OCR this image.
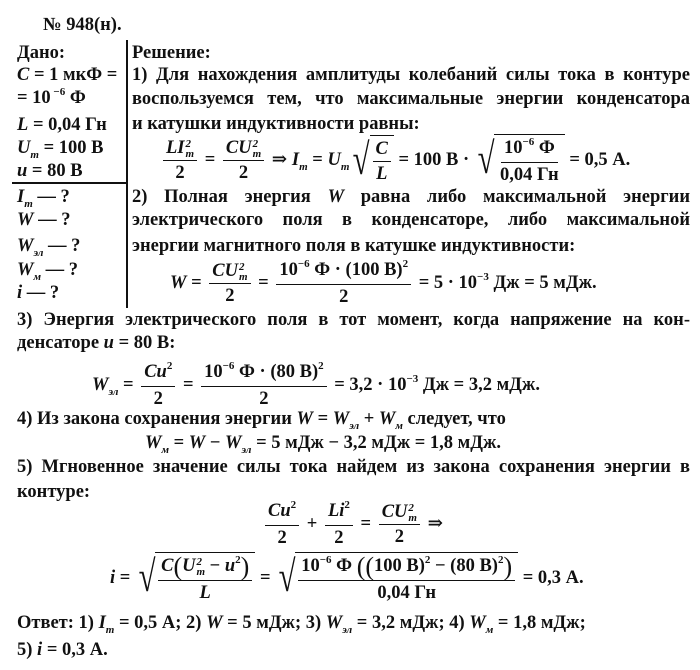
№ 948(н).
Дано:
C = 1 мкФ =
= 10 $^{-6}$ Ф
L = 0,04 Гн
$U_m = 100$ В
u = 80 В
$I_m$ — ?
W — ?
$W_{эл}$ — ?
$W_м$ — ?
i — ?
Решение:
1) Для нахождения амплитуды колебаний силы тока в контуре
воспользуемся тем, что максимальные энергии конденсатора
и катушки индуктивности равны:
LI 2
m
2 = CU 2
m
2 ⇒ $I_m = U_m$ √ $\frac{C}{L} = 100$ В · √ $\frac{10^{-6} Ф}{0,04 Гн} = 0,5$ А.
2) Полная энергия W равна либо максимальной энергии
электрического поля в конденсаторе, либо максимальной
энергии магнитного поля в катушке индуктивности:
W = CU 2
m
$2 = \frac{10^{-6} Ф \cdot (100 В)^2}{2} = 5 \cdot 10^{-3}$ Дж = 5 мДж.
3) Энергия электрического поля в тот момент, когда напряжение на кон-
денсаторе u = 80 В:
$W_{эл} = \frac{Cu^2}{2} = \frac{10^{-6} Ф \cdot (80 В)^2}{2} = 3,2 \cdot 10^{-3}$ Дж = 3,2 мДж.
4) Из закона сохранения энергии $W = W_{эл} + W_м$ следует, что
$W_м = W - W_{эл} = 5$ мДж − 3,2 мДж = 1,8 мДж.
5) Мгновенное значение силы тока найдем из закона сохранения энергии в
контуре:
$\frac{Cu^2}{2} + \frac{Li^2}{2}$ = CU 2
m
2 ⇒
i = √ C(U 2
$m - u^2$)
L = √ $\frac{10^{-6} Ф ((100 В)^2 - (80 В)^2)}{0,04 Гн} = 0,3$ А.
Ответ: 1) $I_m = 0,5$ А; 2) W = 5 мДж; 3) $W_{эл} = 3,2$ мДж; 4) $W_м = 1,8$ мДж;
5) i = 0,3 А.
